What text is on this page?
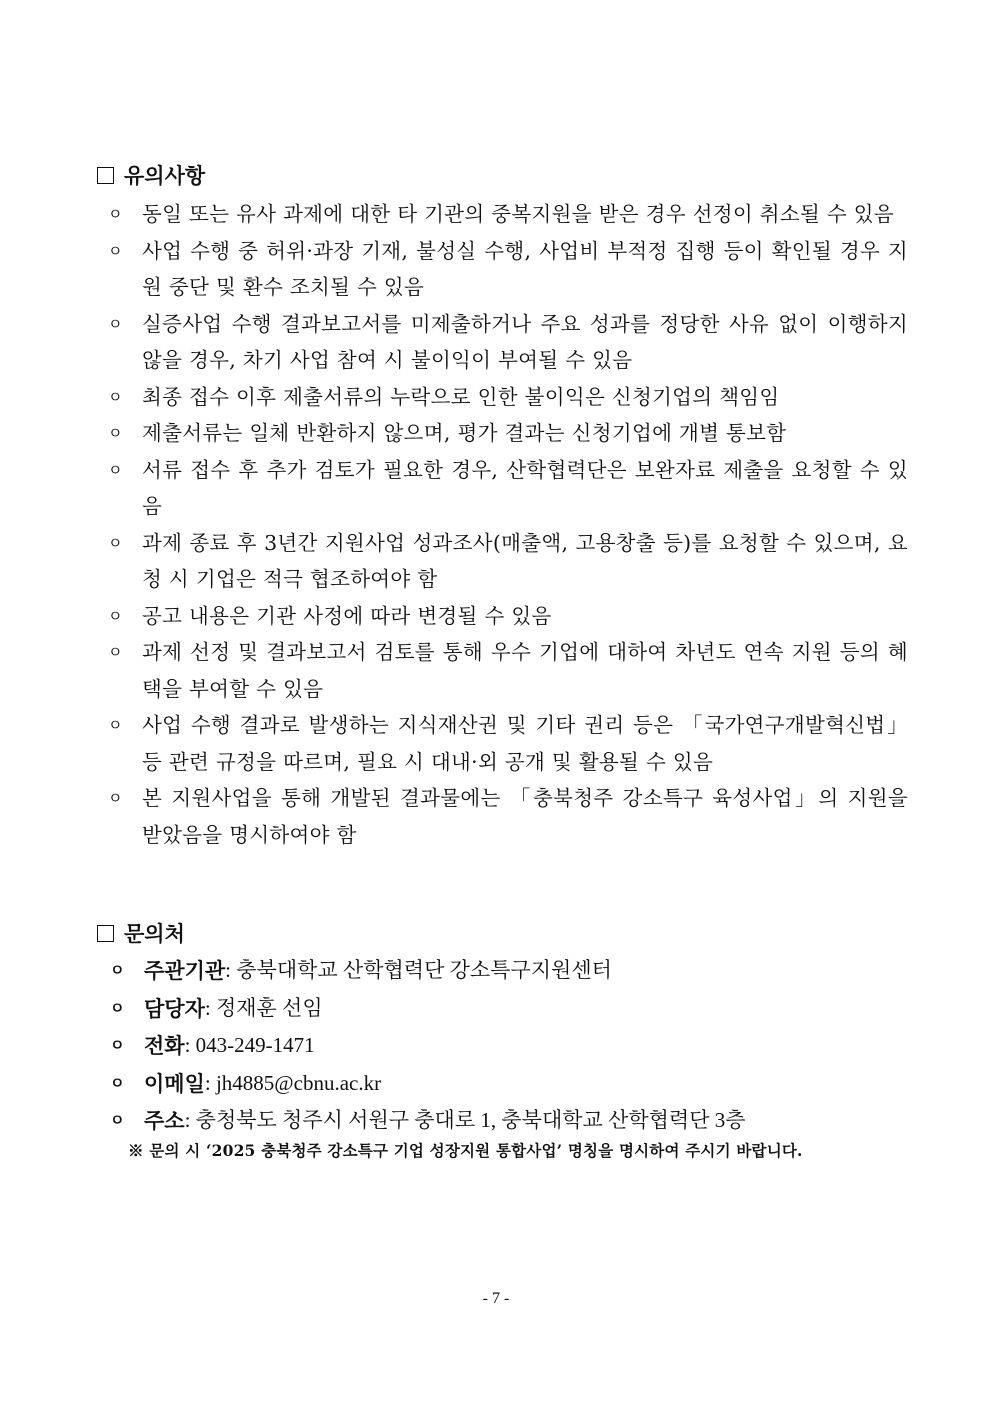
유의사항
ㅇ 동일 또는 유사 과제에 대한 타 기관의 중복지원을 받은 경우 선정이 취소될 수 있음
ㅇ 사업 수행 중 허위·과장 기재, 불성실 수행, 사업비 부적정 집행 등이 확인될 경우 지원 중단 및 환수 조치될 수 있음
ㅇ 실증사업 수행 결과보고서를 미제출하거나 주요 성과를 정당한 사유 없이 이행하지 않을 경우, 차기 사업 참여 시 불이익이 부여될 수 있음
ㅇ 최종 접수 이후 제출서류의 누락으로 인한 불이익은 신청기업의 책임임
ㅇ 제출서류는 일체 반환하지 않으며, 평가 결과는 신청기업에 개별 통보함
ㅇ 서류 접수 후 추가 검토가 필요한 경우, 산학협력단은 보완자료 제출을 요청할 수 있음
ㅇ 과제 종료 후 3년간 지원사업 성과조사(매출액, 고용창출 등)를 요청할 수 있으며, 요청 시 기업은 적극 협조하여야 함
ㅇ 공고 내용은 기관 사정에 따라 변경될 수 있음
ㅇ 과제 선정 및 결과보고서 검토를 통해 우수 기업에 대하여 차년도 연속 지원 등의 혜택을 부여할 수 있음
ㅇ 사업 수행 결과로 발생하는 지식재산권 및 기타 권리 등은 「국가연구개발혁신법」등 관련 규정을 따르며, 필요 시 대내·외 공개 및 활용될 수 있음
ㅇ 본 지원사업을 통해 개발된 결과물에는 「충북청주 강소특구 육성사업」의 지원을 받았음을 명시하여야 함
문의처
ㅇ 주관기관 : 충북대학교 산학협력단 강소특구지원센터
ㅇ 담당자 : 정재훈 선임
ㅇ 전화 : 043-249-1471
ㅇ 이메일 : jh4885@cbnu.ac.kr
ㅇ 주소 : 충청북도 청주시 서원구 충대로 1, 충북대학교 산학협력단 3층
※ 문의 시 ‘2025 충북청주 강소특구 기업 성장지원 통합사업’ 명칭을 명시하여 주시기 바랍니다.
- 7 -
